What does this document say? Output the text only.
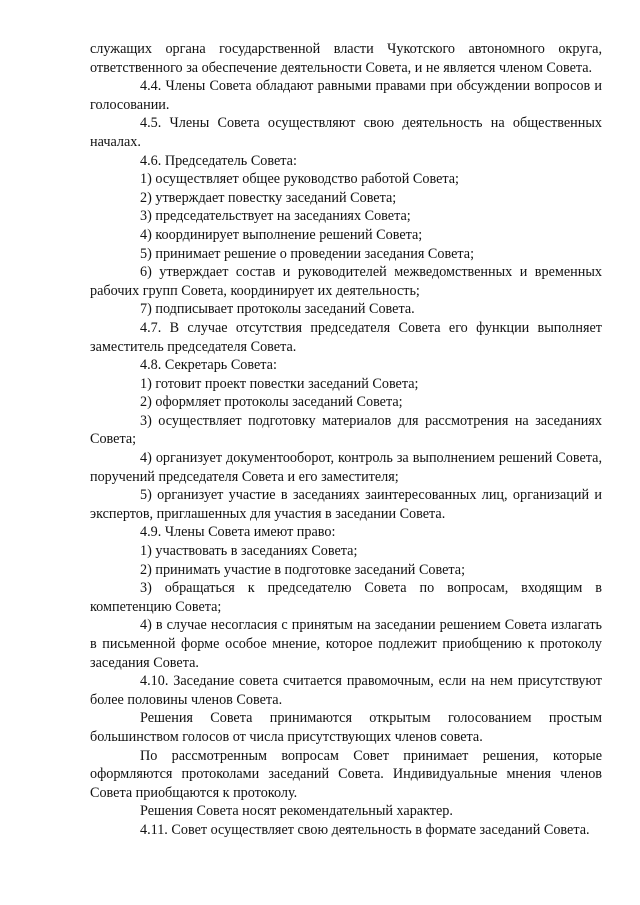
служащих органа государственной власти Чукотского автономного округа, ответственного за обеспечение деятельности Совета, и не является членом Совета.

4.4. Члены Совета обладают равными правами при обсуждении вопросов и голосовании.

4.5. Члены Совета осуществляют свою деятельность на общественных началах.

4.6. Председатель Совета:

1) осуществляет общее руководство работой Совета;

2) утверждает повестку заседаний Совета;

3) председательствует на заседаниях Совета;

4) координирует выполнение решений Совета;

5) принимает решение о проведении заседания Совета;

6) утверждает состав и руководителей межведомственных и временных рабочих групп Совета, координирует их деятельность;

7) подписывает протоколы заседаний Совета.

4.7. В случае отсутствия председателя Совета его функции выполняет заместитель председателя Совета.

4.8. Секретарь Совета:

1) готовит проект повестки заседаний Совета;

2) оформляет протоколы заседаний Совета;

3) осуществляет подготовку материалов для рассмотрения на заседаниях Совета;

4) организует документооборот, контроль за выполнением решений Совета, поручений председателя Совета и его заместителя;

5) организует участие в заседаниях заинтересованных лиц, организаций и экспертов, приглашенных для участия в заседании Совета.

4.9. Члены Совета имеют право:

1) участвовать в заседаниях Совета;

2) принимать участие в подготовке заседаний Совета;

3) обращаться к председателю Совета по вопросам, входящим в компетенцию Совета;

4) в случае несогласия с принятым на заседании решением Совета излагать в письменной форме особое мнение, которое подлежит приобщению к протоколу заседания Совета.

4.10. Заседание совета считается правомочным, если на нем присутствуют более половины членов Совета.

Решения Совета принимаются открытым голосованием простым большинством голосов от числа присутствующих членов совета.

По рассмотренным вопросам Совет принимает решения, которые оформляются протоколами заседаний Совета. Индивидуальные мнения членов Совета приобщаются к протоколу.

Решения Совета носят рекомендательный характер.

4.11. Совет осуществляет свою деятельность в формате заседаний Совета.
